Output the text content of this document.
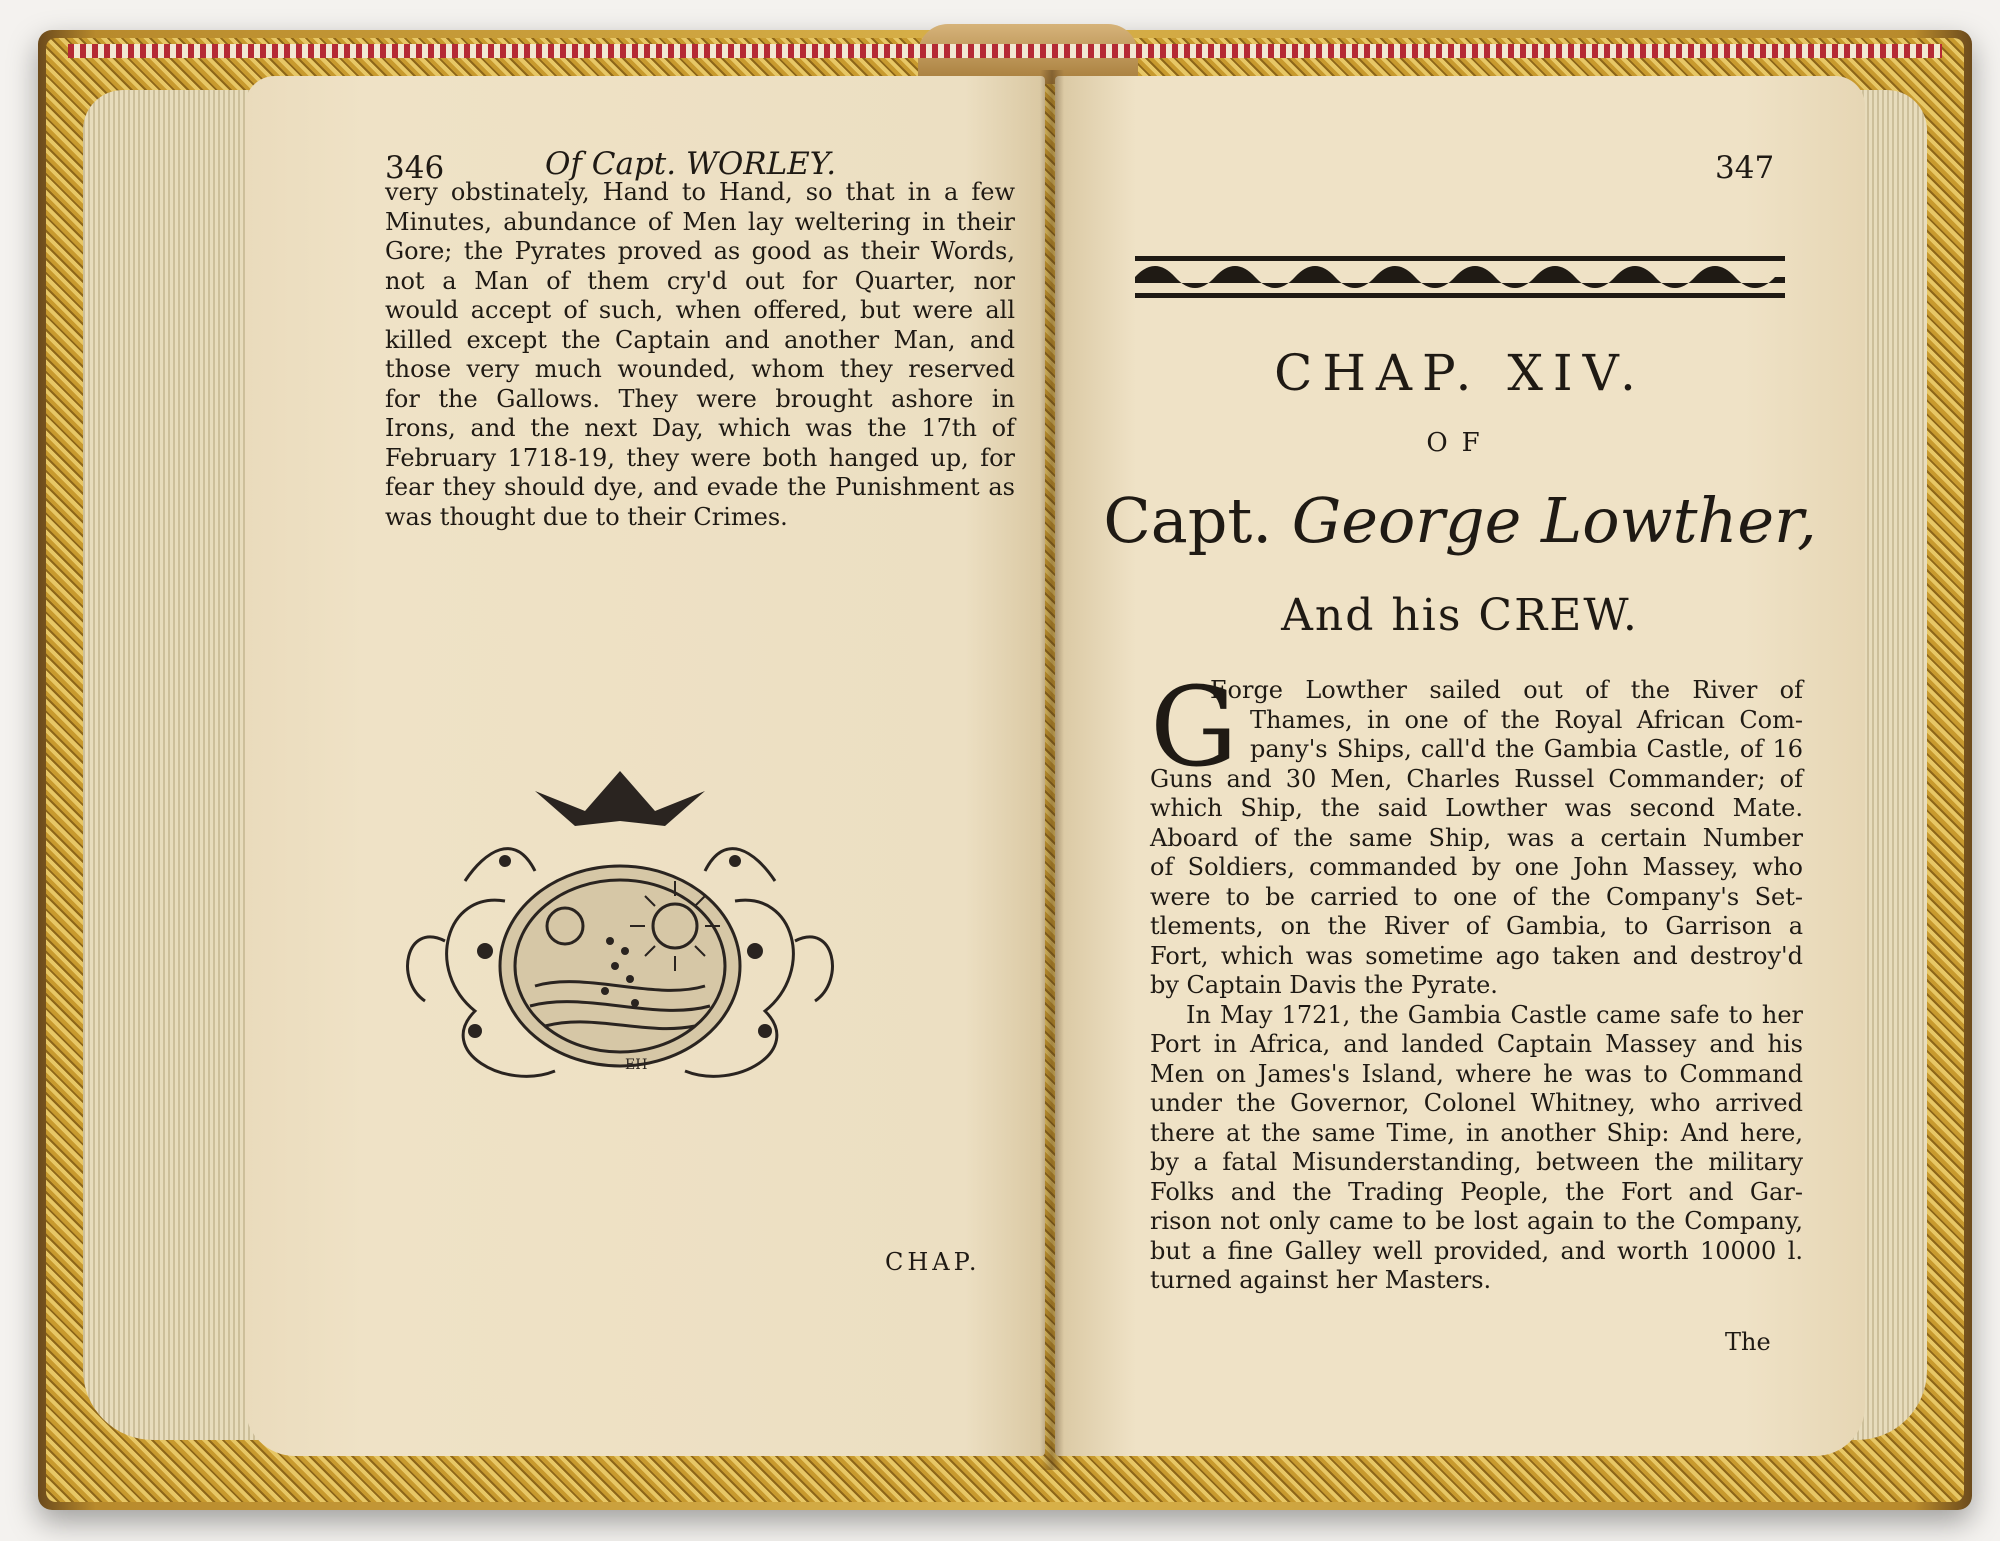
346	Of Capt. WORLEY.
very obstinately, Hand to Hand, so that in a few
Minutes, abundance of Men lay weltering in their
Gore; the Pyrates proved as good as their Words,
not a Man of them cry'd out for Quarter, nor
would accept of such, when offered, but were all
killed except the Captain and another Man, and
those very much wounded, whom they reserved
for the Gallows. They were brought ashore in
Irons, and the next Day, which was the 17th of
February 1718-19, they were both hanged up, for
fear they should dye, and evade the Punishment as
was thought due to their Crimes.
EH
CHAP.
347
CHAP. XIV.
OF
Capt. George Lowther,
And his CREW.
G
Eorge Lowther sailed out of the River of
Thames, in one of the Royal African Com-
pany's Ships, call'd the Gambia Castle, of 16
Guns and 30 Men, Charles Russel Commander; of
which Ship, the said Lowther was second Mate.
Aboard of the same Ship, was a certain Number
of Soldiers, commanded by one John Massey, who
were to be carried to one of the Company's Set-
tlements, on the River of Gambia, to Garrison a
Fort, which was sometime ago taken and destroy'd
by Captain Davis the Pyrate.
In May 1721, the Gambia Castle came safe to her
Port in Africa, and landed Captain Massey and his
Men on James's Island, where he was to Command
under the Governor, Colonel Whitney, who arrived
there at the same Time, in another Ship: And here,
by a fatal Misunderstanding, between the military
Folks and the Trading People, the Fort and Gar-
rison not only came to be lost again to the Company,
but a fine Galley well provided, and worth 10000 l.
turned against her Masters.
The
